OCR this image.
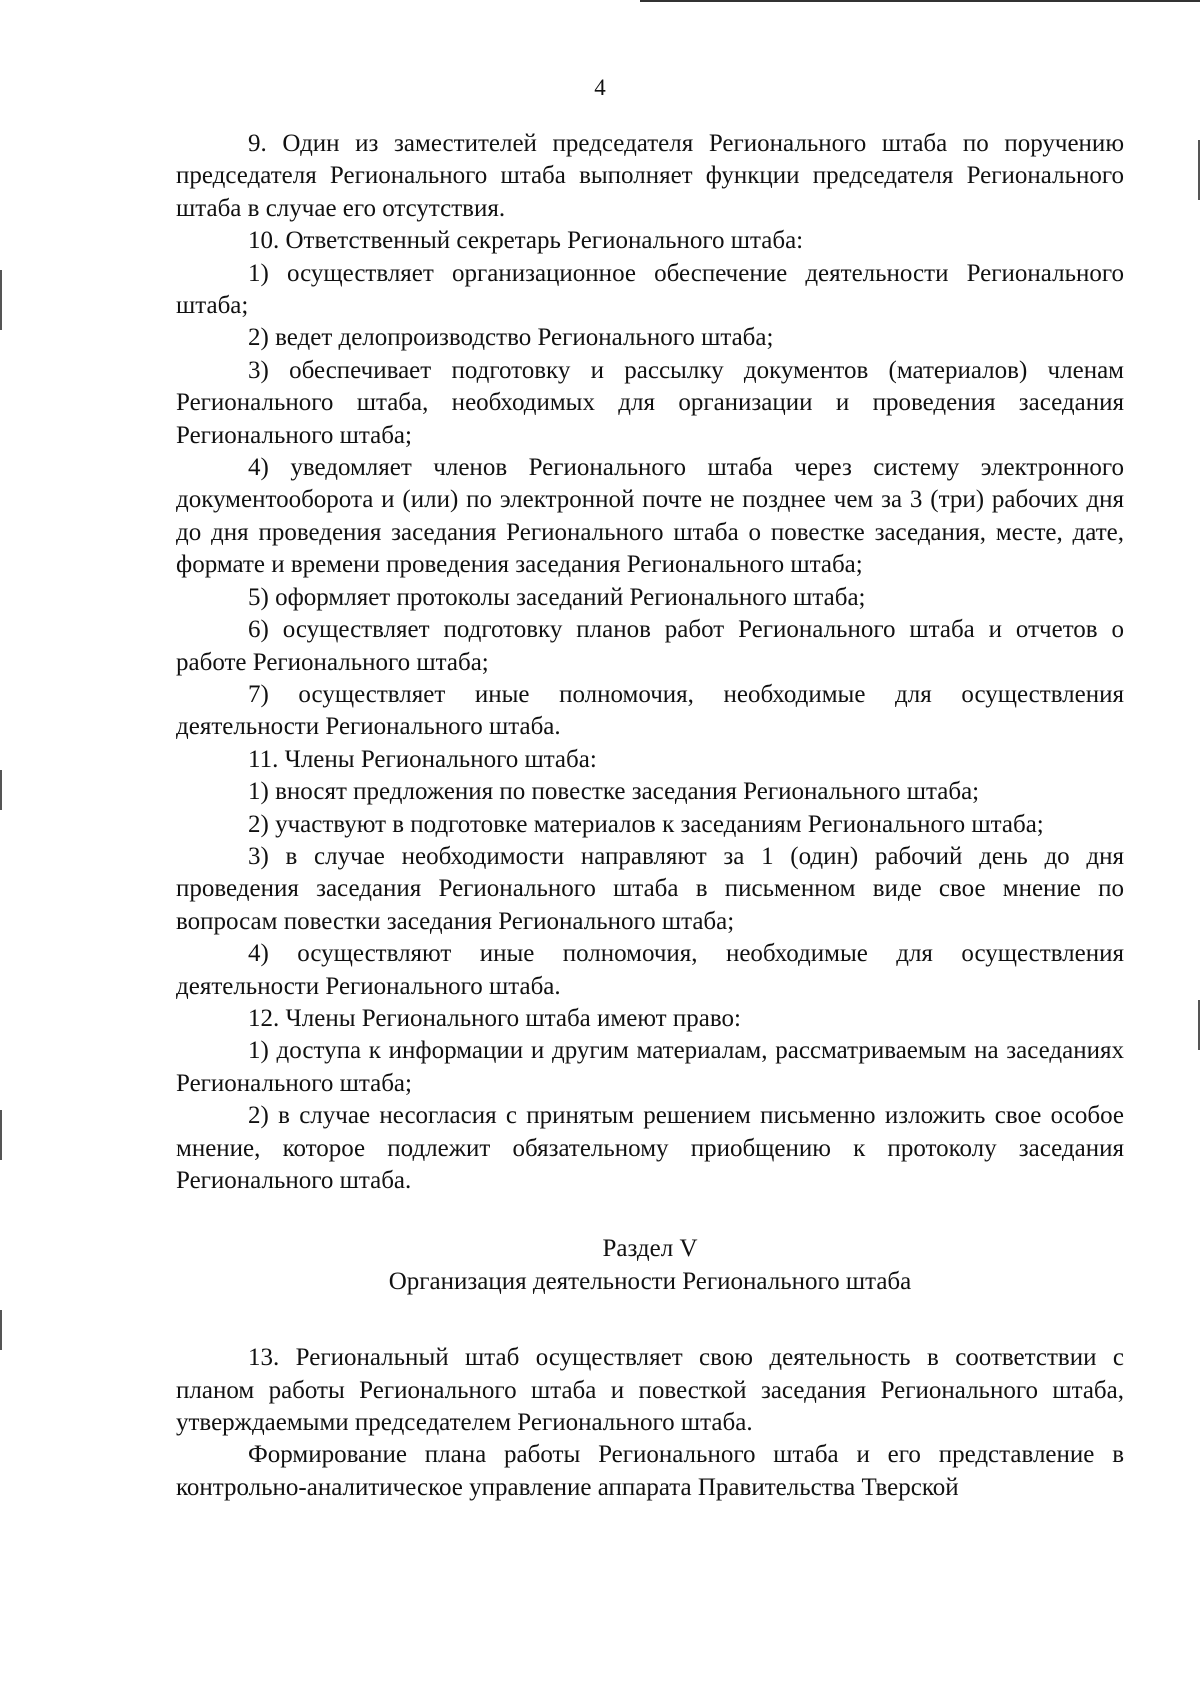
4

9. Один из заместителей председателя Регионального штаба по поручению председателя Регионального штаба выполняет функции председателя Регионального штаба в случае его отсутствия.

10. Ответственный секретарь Регионального штаба:

1) осуществляет организационное обеспечение деятельности Регионального штаба;

2) ведет делопроизводство Регионального штаба;

3) обеспечивает подготовку и рассылку документов (материалов) членам Регионального штаба, необходимых для организации и проведения заседания Регионального штаба;

4) уведомляет членов Регионального штаба через систему электронного документооборота и (или) по электронной почте не позднее чем за 3 (три) рабочих дня до дня проведения заседания Регионального штаба о повестке заседания, месте, дате, формате и времени проведения заседания Регионального штаба;

5) оформляет протоколы заседаний Регионального штаба;

6) осуществляет подготовку планов работ Регионального штаба и отчетов о работе Регионального штаба;

7) осуществляет иные полномочия, необходимые для осуществления деятельности Регионального штаба.

11. Члены Регионального штаба:

1) вносят предложения по повестке заседания Регионального штаба;

2) участвуют в подготовке материалов к заседаниям Регионального штаба;

3) в случае необходимости направляют за 1 (один) рабочий день до дня проведения заседания Регионального штаба в письменном виде свое мнение по вопросам повестки заседания Регионального штаба;

4) осуществляют иные полномочия, необходимые для осуществления деятельности Регионального штаба.

12. Члены Регионального штаба имеют право:

1) доступа к информации и другим материалам, рассматриваемым на заседаниях Регионального штаба;

2) в случае несогласия с принятым решением письменно изложить свое особое мнение, которое подлежит обязательному приобщению к протоколу заседания Регионального штаба.

Раздел V

Организация деятельности Регионального штаба

13. Региональный штаб осуществляет свою деятельность в соответствии с планом работы Регионального штаба и повесткой заседания Регионального штаба, утверждаемыми председателем Регионального штаба.

Формирование плана работы Регионального штаба и его представление в контрольно-аналитическое управление аппарата Правительства Тверской
